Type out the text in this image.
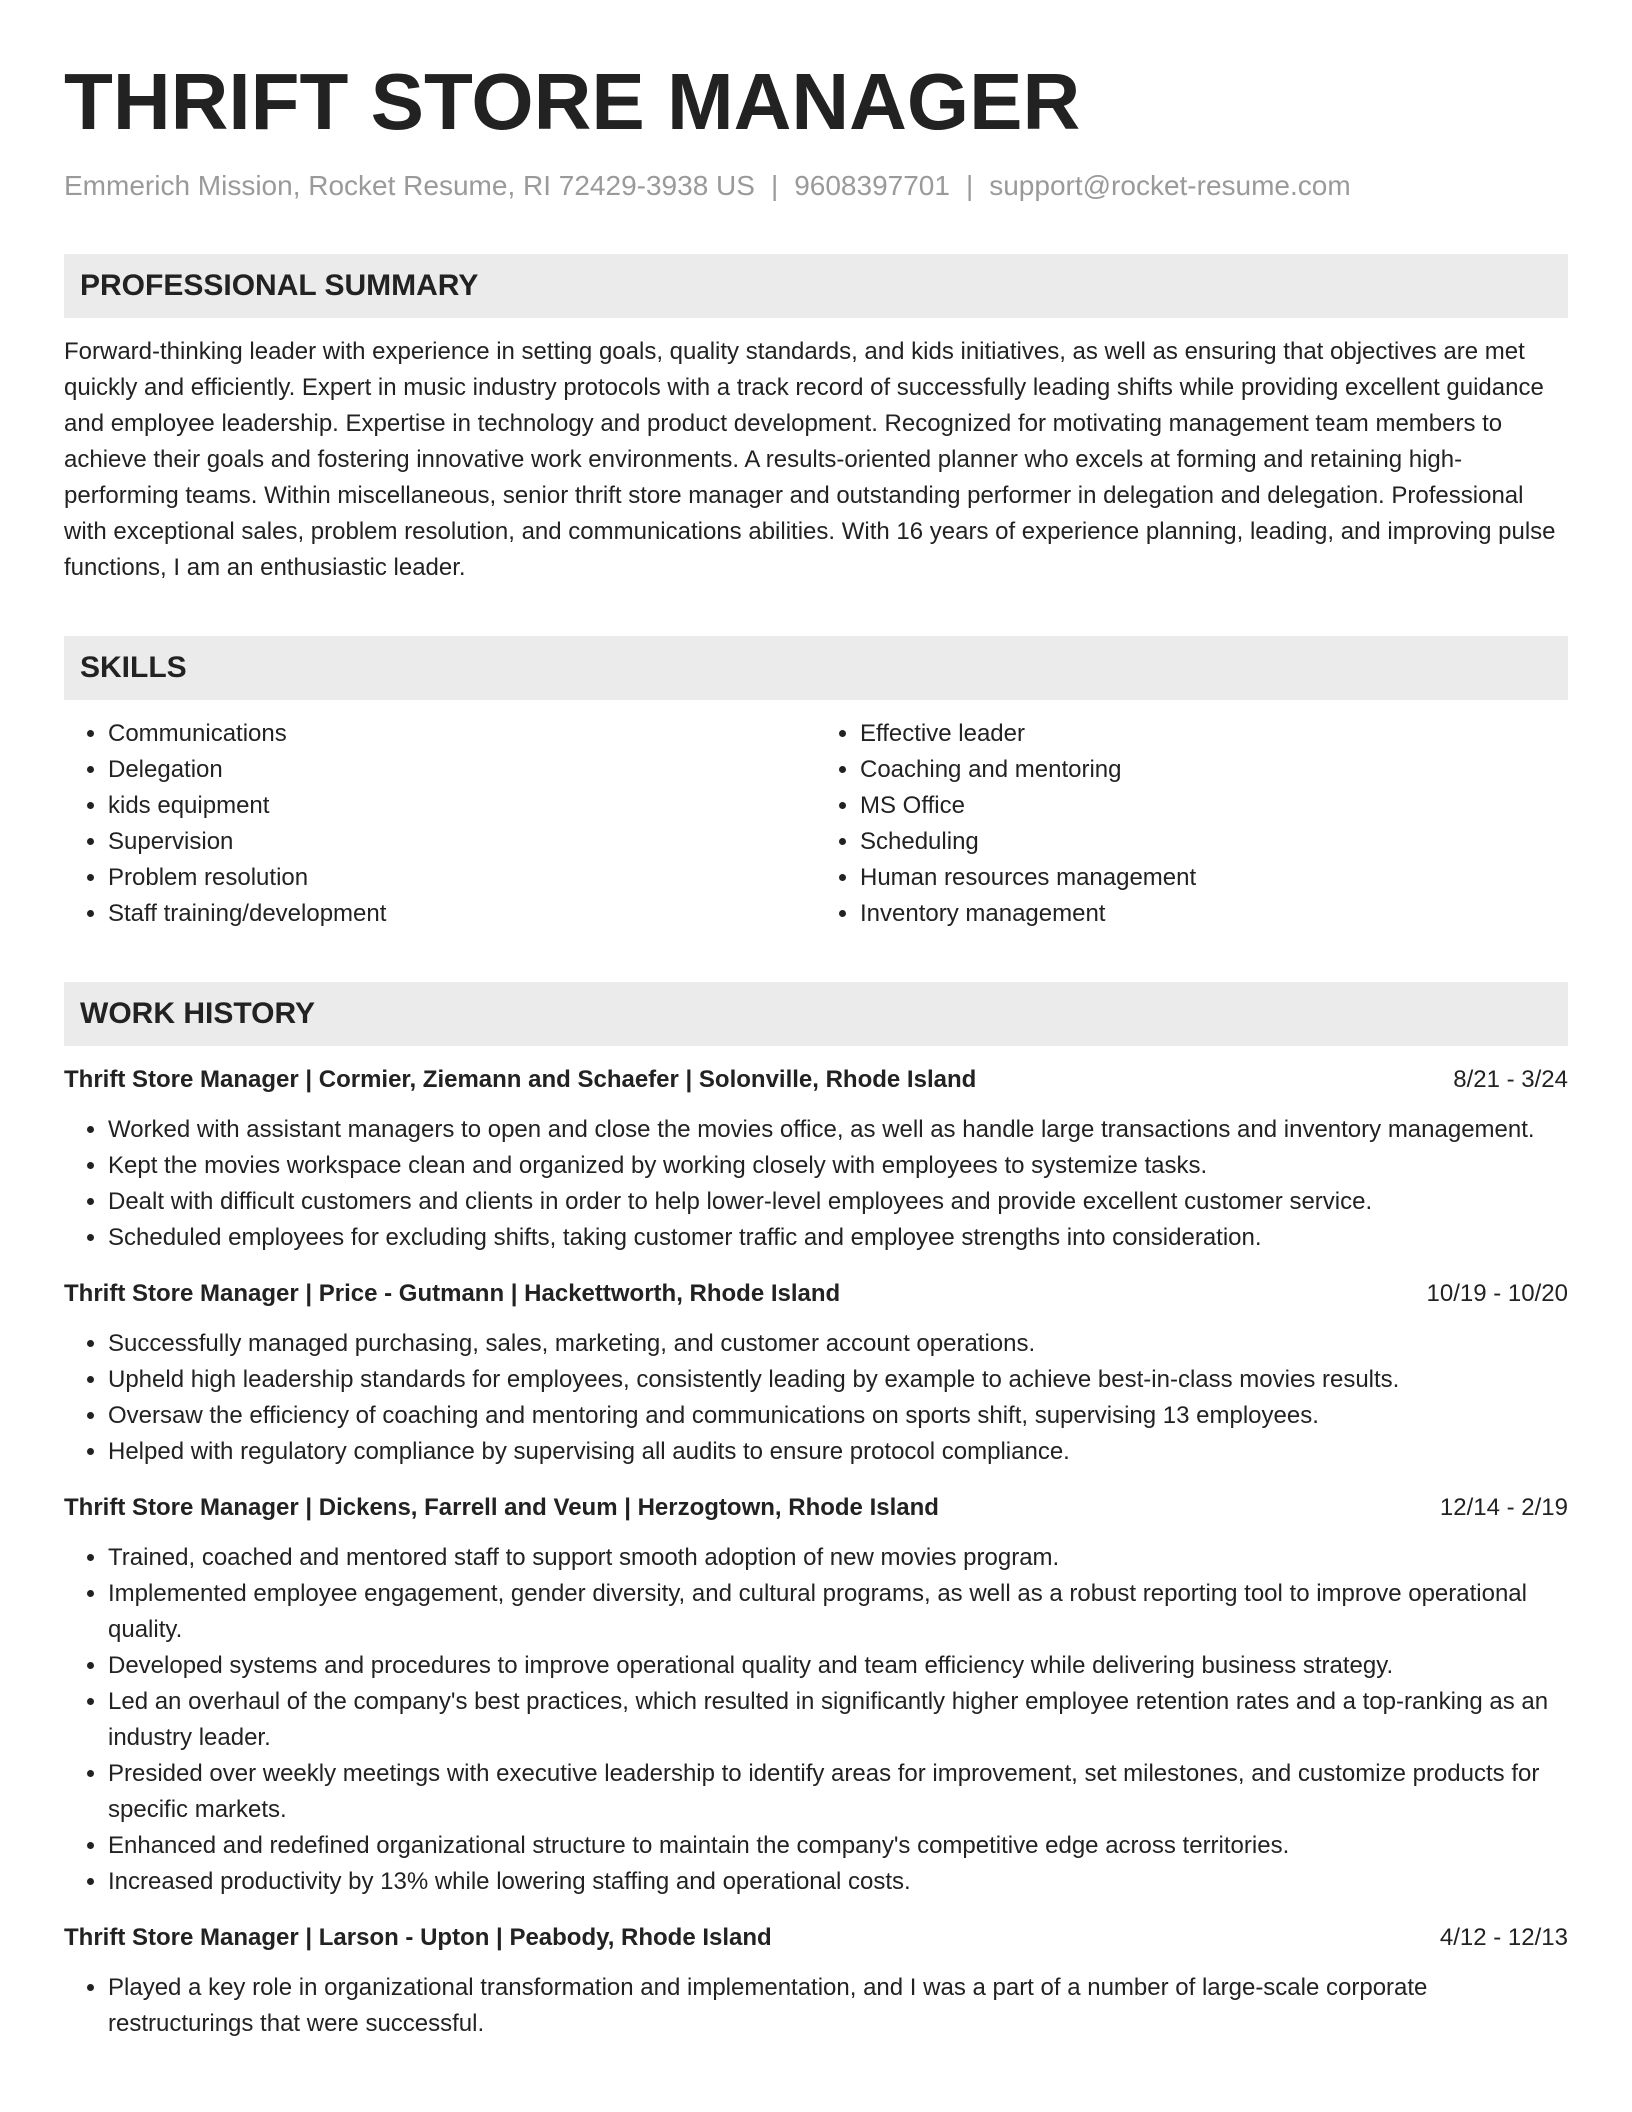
THRIFT STORE MANAGER
Emmerich Mission, Rocket Resume, RI 72429-3938 US | 9608397701 | support@rocket-resume.com
PROFESSIONAL SUMMARY
Forward-thinking leader with experience in setting goals, quality standards, and kids initiatives, as well as ensuring that objectives are met quickly and efficiently. Expert in music industry protocols with a track record of successfully leading shifts while providing excellent guidance and employee leadership. Expertise in technology and product development. Recognized for motivating management team members to achieve their goals and fostering innovative work environments. A results-oriented planner who excels at forming and retaining high-performing teams. Within miscellaneous, senior thrift store manager and outstanding performer in delegation and delegation. Professional with exceptional sales, problem resolution, and communications abilities. With 16 years of experience planning, leading, and improving pulse functions, I am an enthusiastic leader.
SKILLS
• Communications
• Delegation
• kids equipment
• Supervision
• Problem resolution
• Staff training/development
• Effective leader
• Coaching and mentoring
• MS Office
• Scheduling
• Human resources management
• Inventory management
WORK HISTORY
Thrift Store Manager | Cormier, Ziemann and Schaefer | Solonville, Rhode Island	8/21 - 3/24
• Worked with assistant managers to open and close the movies office, as well as handle large transactions and inventory management.
• Kept the movies workspace clean and organized by working closely with employees to systemize tasks.
• Dealt with difficult customers and clients in order to help lower-level employees and provide excellent customer service.
• Scheduled employees for excluding shifts, taking customer traffic and employee strengths into consideration.
Thrift Store Manager | Price - Gutmann | Hackettworth, Rhode Island	10/19 - 10/20
• Successfully managed purchasing, sales, marketing, and customer account operations.
• Upheld high leadership standards for employees, consistently leading by example to achieve best-in-class movies results.
• Oversaw the efficiency of coaching and mentoring and communications on sports shift, supervising 13 employees.
• Helped with regulatory compliance by supervising all audits to ensure protocol compliance.
Thrift Store Manager | Dickens, Farrell and Veum | Herzogtown, Rhode Island	12/14 - 2/19
• Trained, coached and mentored staff to support smooth adoption of new movies program.
• Implemented employee engagement, gender diversity, and cultural programs, as well as a robust reporting tool to improve operational quality.
• Developed systems and procedures to improve operational quality and team efficiency while delivering business strategy.
• Led an overhaul of the company's best practices, which resulted in significantly higher employee retention rates and a top-ranking as an industry leader.
• Presided over weekly meetings with executive leadership to identify areas for improvement, set milestones, and customize products for specific markets.
• Enhanced and redefined organizational structure to maintain the company's competitive edge across territories.
• Increased productivity by 13% while lowering staffing and operational costs.
Thrift Store Manager | Larson - Upton | Peabody, Rhode Island	4/12 - 12/13
• Played a key role in organizational transformation and implementation, and I was a part of a number of large-scale corporate restructurings that were successful.
